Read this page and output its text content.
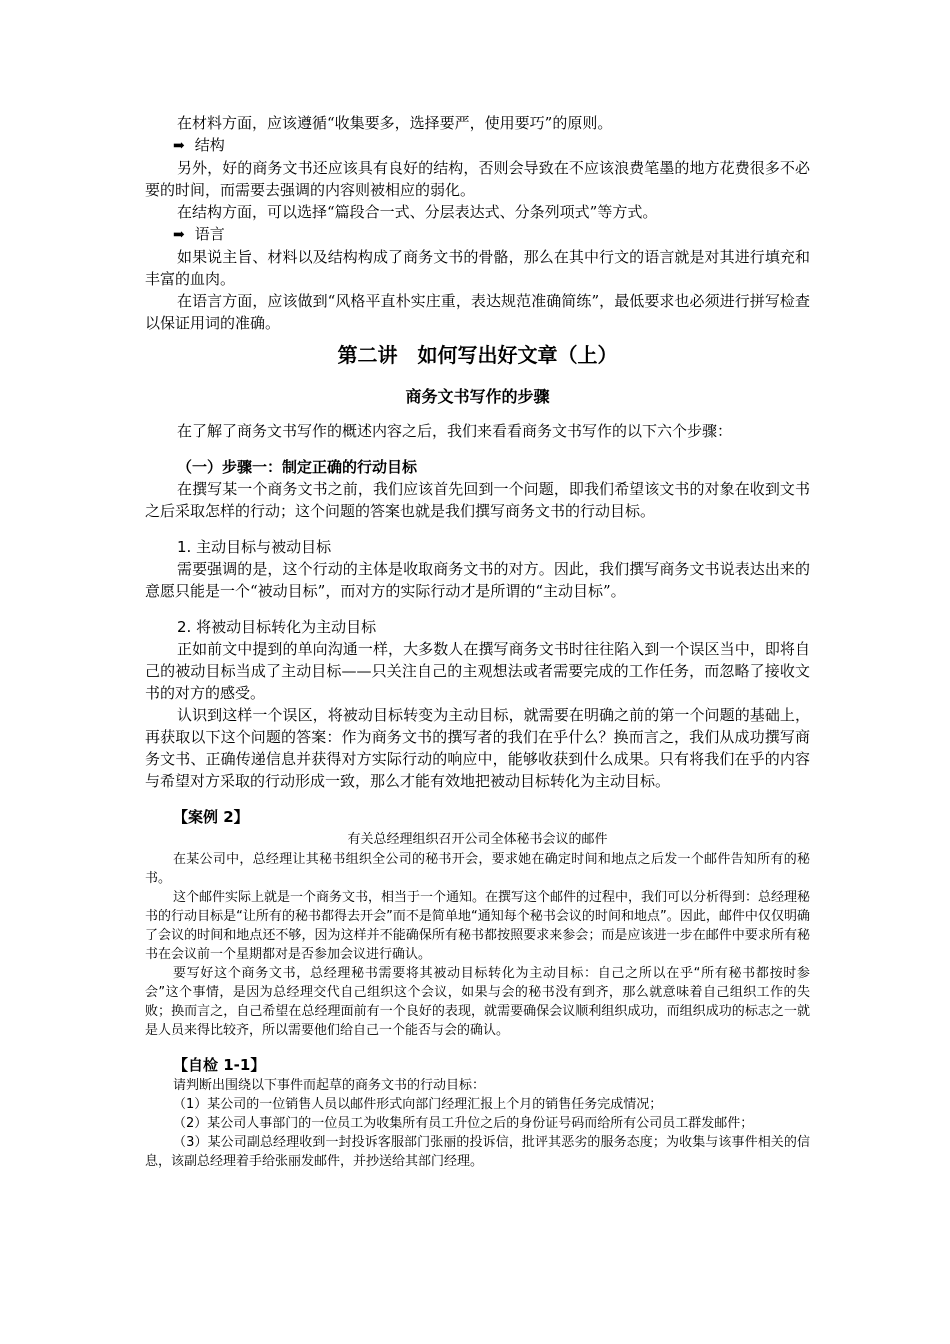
在材料方面，应该遵循“收集要多，选择要严，使用要巧”的原则。

➡ 结构

另外，好的商务文书还应该具有良好的结构，否则会导致在不应该浪费笔墨的地方花费很多不必要的时间，而需要去强调的内容则被相应的弱化。

在结构方面，可以选择“篇段合一式、分层表达式、分条列项式”等方式。

➡ 语言

如果说主旨、材料以及结构构成了商务文书的骨骼，那么在其中行文的语言就是对其进行填充和丰富的血肉。

在语言方面，应该做到“风格平直朴实庄重，表达规范准确简练”，最低要求也必须进行拼写检查以保证用词的准确。

第二讲　如何写出好文章（上）
商务文书写作的步骤

在了解了商务文书写作的概述内容之后，我们来看看商务文书写作的以下六个步骤：

（一）步骤一：制定正确的行动目标

在撰写某一个商务文书之前，我们应该首先回到一个问题，即我们希望该文书的对象在收到文书之后采取怎样的行动；这个问题的答案也就是我们撰写商务文书的行动目标。

1. 主动目标与被动目标

需要强调的是，这个行动的主体是收取商务文书的对方。因此，我们撰写商务文书说表达出来的意愿只能是一个“被动目标”，而对方的实际行动才是所谓的“主动目标”。

2. 将被动目标转化为主动目标

正如前文中提到的单向沟通一样，大多数人在撰写商务文书时往往陷入到一个误区当中，即将自己的被动目标当成了主动目标——只关注自己的主观想法或者需要完成的工作任务，而忽略了接收文书的对方的感受。

认识到这样一个误区，将被动目标转变为主动目标，就需要在明确之前的第一个问题的基础上，再获取以下这个问题的答案：作为商务文书的撰写者的我们在乎什么？换而言之，我们从成功撰写商务文书、正确传递信息并获得对方实际行动的响应中，能够收获到什么成果。只有将我们在乎的内容与希望对方采取的行动形成一致，那么才能有效地把被动目标转化为主动目标。

【案例 2】

有关总经理组织召开公司全体秘书会议的邮件

在某公司中，总经理让其秘书组织全公司的秘书开会，要求她在确定时间和地点之后发一个邮件告知所有的秘书。

这个邮件实际上就是一个商务文书，相当于一个通知。在撰写这个邮件的过程中，我们可以分析得到：总经理秘书的行动目标是“让所有的秘书都得去开会”而不是简单地“通知每个秘书会议的时间和地点”。因此，邮件中仅仅明确了会议的时间和地点还不够，因为这样并不能确保所有秘书都按照要求来参会；而是应该进一步在邮件中要求所有秘书在会议前一个星期都对是否参加会议进行确认。

要写好这个商务文书，总经理秘书需要将其被动目标转化为主动目标：自己之所以在乎“所有秘书都按时参会”这个事情，是因为总经理交代自己组织这个会议，如果与会的秘书没有到齐，那么就意味着自己组织工作的失败；换而言之，自己希望在总经理面前有一个良好的表现，就需要确保会议顺利组织成功，而组织成功的标志之一就是人员来得比较齐，所以需要他们给自己一个能否与会的确认。

【自检 1-1】

请判断出围绕以下事件而起草的商务文书的行动目标：

（1）某公司的一位销售人员以邮件形式向部门经理汇报上个月的销售任务完成情况；

（2）某公司人事部门的一位员工为收集所有员工升位之后的身份证号码而给所有公司员工群发邮件；

（3）某公司副总经理收到一封投诉客服部门张丽的投诉信，批评其恶劣的服务态度；为收集与该事件相关的信息，该副总经理着手给张丽发邮件，并抄送给其部门经理。
